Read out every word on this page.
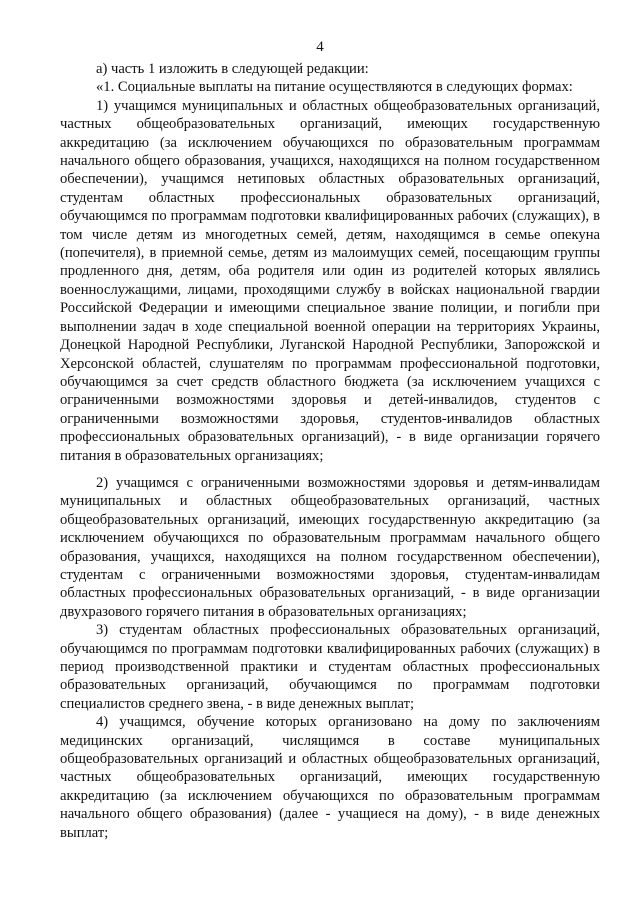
4

а) часть 1 изложить в следующей редакции:

«1. Социальные выплаты на питание осуществляются в следующих формах:

1) учащимся муниципальных и областных общеобразовательных организаций, частных общеобразовательных организаций, имеющих государственную аккредитацию (за исключением обучающихся по образовательным программам начального общего образования, учащихся, находящихся на полном государственном обеспечении), учащимся нетиповых областных образовательных организаций, студентам областных профессиональных образовательных организаций, обучающимся по программам подготовки квалифицированных рабочих (служащих), в том числе детям из многодетных семей, детям, находящимся в семье опекуна (попечителя), в приемной семье, детям из малоимущих семей, посещающим группы продленного дня, детям, оба родителя или один из родителей которых являлись военнослужащими, лицами, проходящими службу в войсках национальной гвардии Российской Федерации и имеющими специальное звание полиции, и погибли при выполнении задач в ходе специальной военной операции на территориях Украины, Донецкой Народной Республики, Луганской Народной Республики, Запорожской и Херсонской областей, слушателям по программам профессиональной подготовки, обучающимся за счет средств областного бюджета (за исключением учащихся с ограниченными возможностями здоровья и детей-инвалидов, студентов с ограниченными возможностями здоровья, студентов-инвалидов областных профессиональных образовательных организаций), - в виде организации горячего питания в образовательных организациях;

2) учащимся с ограниченными возможностями здоровья и детям-инвалидам муниципальных и областных общеобразовательных организаций, частных общеобразовательных организаций, имеющих государственную аккредитацию (за исключением обучающихся по образовательным программам начального общего образования, учащихся, находящихся на полном государственном обеспечении), студентам с ограниченными возможностями здоровья, студентам-инвалидам областных профессиональных образовательных организаций, - в виде организации двухразового горячего питания в образовательных организациях;

3) студентам областных профессиональных образовательных организаций, обучающимся по программам подготовки квалифицированных рабочих (служащих) в период производственной практики и студентам областных профессиональных образовательных организаций, обучающимся по программам подготовки специалистов среднего звена, - в виде денежных выплат;

4) учащимся, обучение которых организовано на дому по заключениям медицинских организаций, числящимся в составе муниципальных общеобразовательных организаций и областных общеобразовательных организаций, частных общеобразовательных организаций, имеющих государственную аккредитацию (за исключением обучающихся по образовательным программам начального общего образования) (далее - учащиеся на дому), - в виде денежных выплат;
